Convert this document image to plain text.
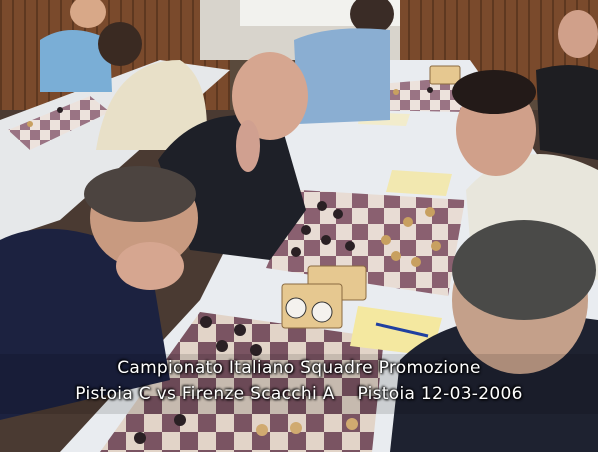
Campionato Italiano Squadre Promozione
Pistoia C vs Firenze Scacchi A    Pistoia 12-03-2006
